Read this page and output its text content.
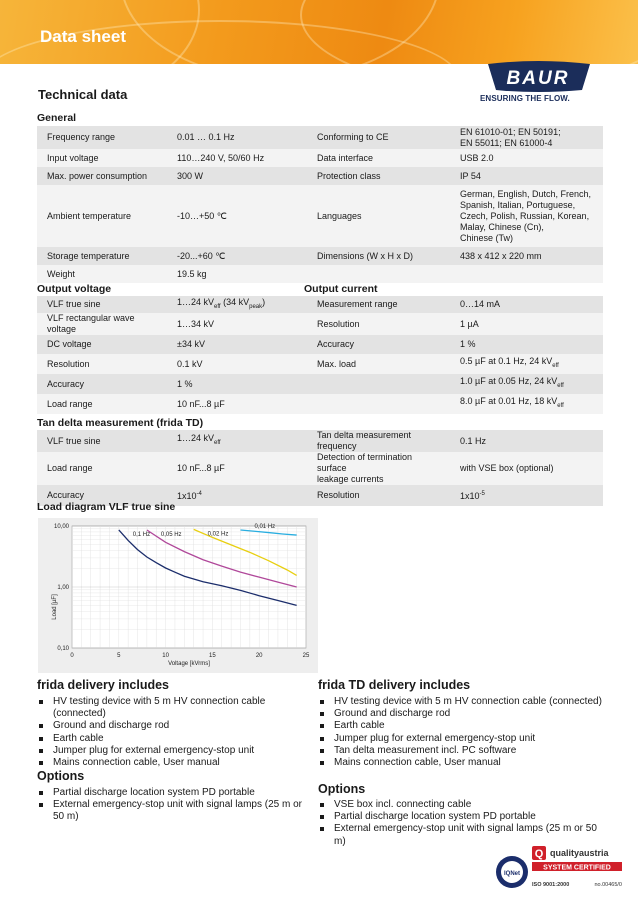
Data sheet
Technical data
BAUR
ENSURING THE FLOW.
General
Frequency range	0.01 … 0.1 Hz	Conforming to CE	EN 61010-01; EN 50191;
EN 55011; EN 61000-4
Input voltage	110…240 V, 50/60 Hz	Data interface	USB 2.0
Max. power consumption	300 W	Protection class	IP 54
Ambient temperature	-10…+50 ℃	Languages	German, English, Dutch, French,
Spanish, Italian, Portuguese,
Czech, Polish, Russian, Korean,
Malay, Chinese (Cn),
Chinese (Tw)
Storage temperature	-20...+60 ℃	Dimensions (W x H x D)	438 x 412 x 220 mm
Weight	19.5 kg		
Output voltage	Output current
VLF true sine	1…24 $kV_{eff}$ (34 $kV_{peak}$)	Measurement range	0…14 mA
VLF rectangular wave voltage	1…34 kV	Resolution	1 µA
DC voltage	±34 kV	Accuracy	1 %
Resolution	0.1 kV	Max. load	0.5 µF at 0.1 Hz, 24 $kV_{eff}$
Accuracy	1 %		1.0 µF at 0.05 Hz, 24 $kV_{eff}$
Load range	10 nF...8 µF		8.0 µF at 0.01 Hz, 18 $kV_{eff}$
Tan delta measurement (frida TD)
VLF true sine	1…24 $kV_{eff}$	Tan delta measurement
frequency	0.1 Hz
Load range	10 nF...8 µF	Detection of termination surface
leakage currents	with VSE box (optional)
Accuracy	$1x10^{-4}$	Resolution	$1x10^{-5}$
Load diagram VLF true sine
0,01 Hz
0,02 Hz
0,05 Hz
0,1 Hz
0	5	10	15	20	25
0,10
1,00
10,00
Voltage [kVrms]
Load [µF]
frida delivery includes
HV testing device with 5 m HV connection cable (connected)
Ground and discharge rod
Earth cable
Jumper plug for external emergency-stop unit
Mains connection cable, User manual
Options
Partial discharge location system PD portable
External emergency-stop unit with signal lamps (25 m or 50 m)
frida TD delivery includes
HV testing device with 5 m HV connection cable (connected)
Ground and discharge rod
Earth cable
Jumper plug for external emergency-stop unit
Tan delta measurement incl. PC software
Mains connection cable, User manual
Options
VSE box incl. connecting cable
Partial discharge location system PD portable
External emergency-stop unit with signal lamps (25 m or 50 m)
IQNet
Q qualityaustria
SYSTEM CERTIFIED
ISO 9001:2000	no.00465/0
